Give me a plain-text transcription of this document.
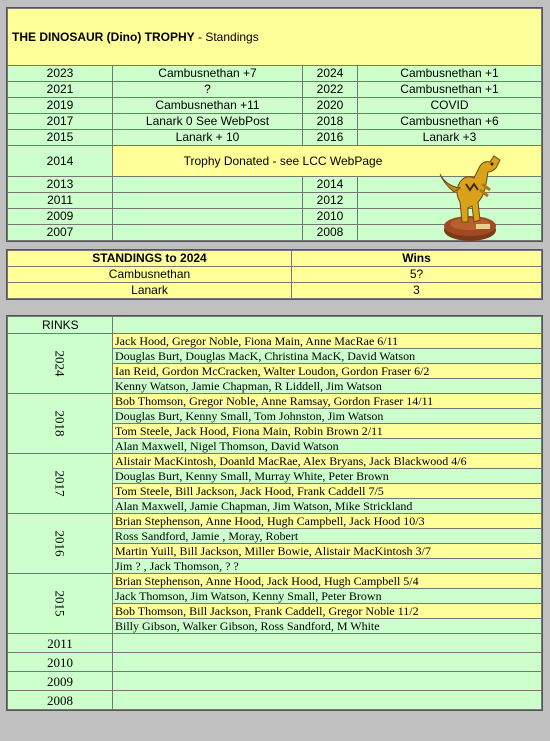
THE DINOSAUR (Dino) TROPHY - Standings			
2023	Cambusnethan +7	2024	Cambusnethan +1
2021	?	2022	Cambusnethan +1
2019	Cambusnethan +11	2020	COVID
2017	Lanark 0 See WebPost	2018	Cambusnethan +6
2015	Lanark + 10	2016	Lanark +3
2014	Trophy Donated - see LCC WebPage		
2013		2014	
2011		2012	
2009		2010	
2007		2008	
STANDINGS to 2024	Wins
Cambusnethan	5?
Lanark	3
RINKS	
2024	Jack Hood, Gregor Noble, Fiona Main, Anne MacRae 6/11
	Douglas Burt, Douglas MacK, Christina MacK, David Watson
	Ian Reid, Gordon McCracken, Walter Loudon, Gordon Fraser 6/2
	Kenny Watson, Jamie Chapman, R Liddell, Jim Watson
2018	Bob Thomson, Gregor Noble, Anne Ramsay, Gordon Fraser 14/11
	Douglas Burt, Kenny Small, Tom Johnston, Jim Watson
	Tom Steele, Jack Hood, Fiona Main, Robin Brown 2/11
	Alan Maxwell, Nigel Thomson, David Watson
2017	Alistair MacKintosh, Doanld MacRae, Alex Bryans, Jack Blackwood 4/6
	Douglas Burt, Kenny Small, Murray White, Peter Brown
	Tom Steele, Bill Jackson, Jack Hood, Frank Caddell 7/5
	Alan Maxwell, Jamie Chapman, Jim Watson, Mike Strickland
2016	Brian Stephenson, Anne Hood, Hugh Campbell, Jack Hood 10/3
	Ross Sandford, Jamie , Moray, Robert
	Martin Yuill, Bill Jackson, Miller Bowie, Alistair MacKintosh 3/7
	Jim ? , Jack Thomson, ? ?
2015	Brian Stephenson, Anne Hood, Jack Hood, Hugh Campbell 5/4
	Jack Thomson, Jim Watson, Kenny Small, Peter Brown
	Bob Thomson, Bill Jackson, Frank Caddell, Gregor Noble 11/2
	Billy Gibson, Walker Gibson, Ross Sandford, M White
2011	
2010	
2009	
2008	
